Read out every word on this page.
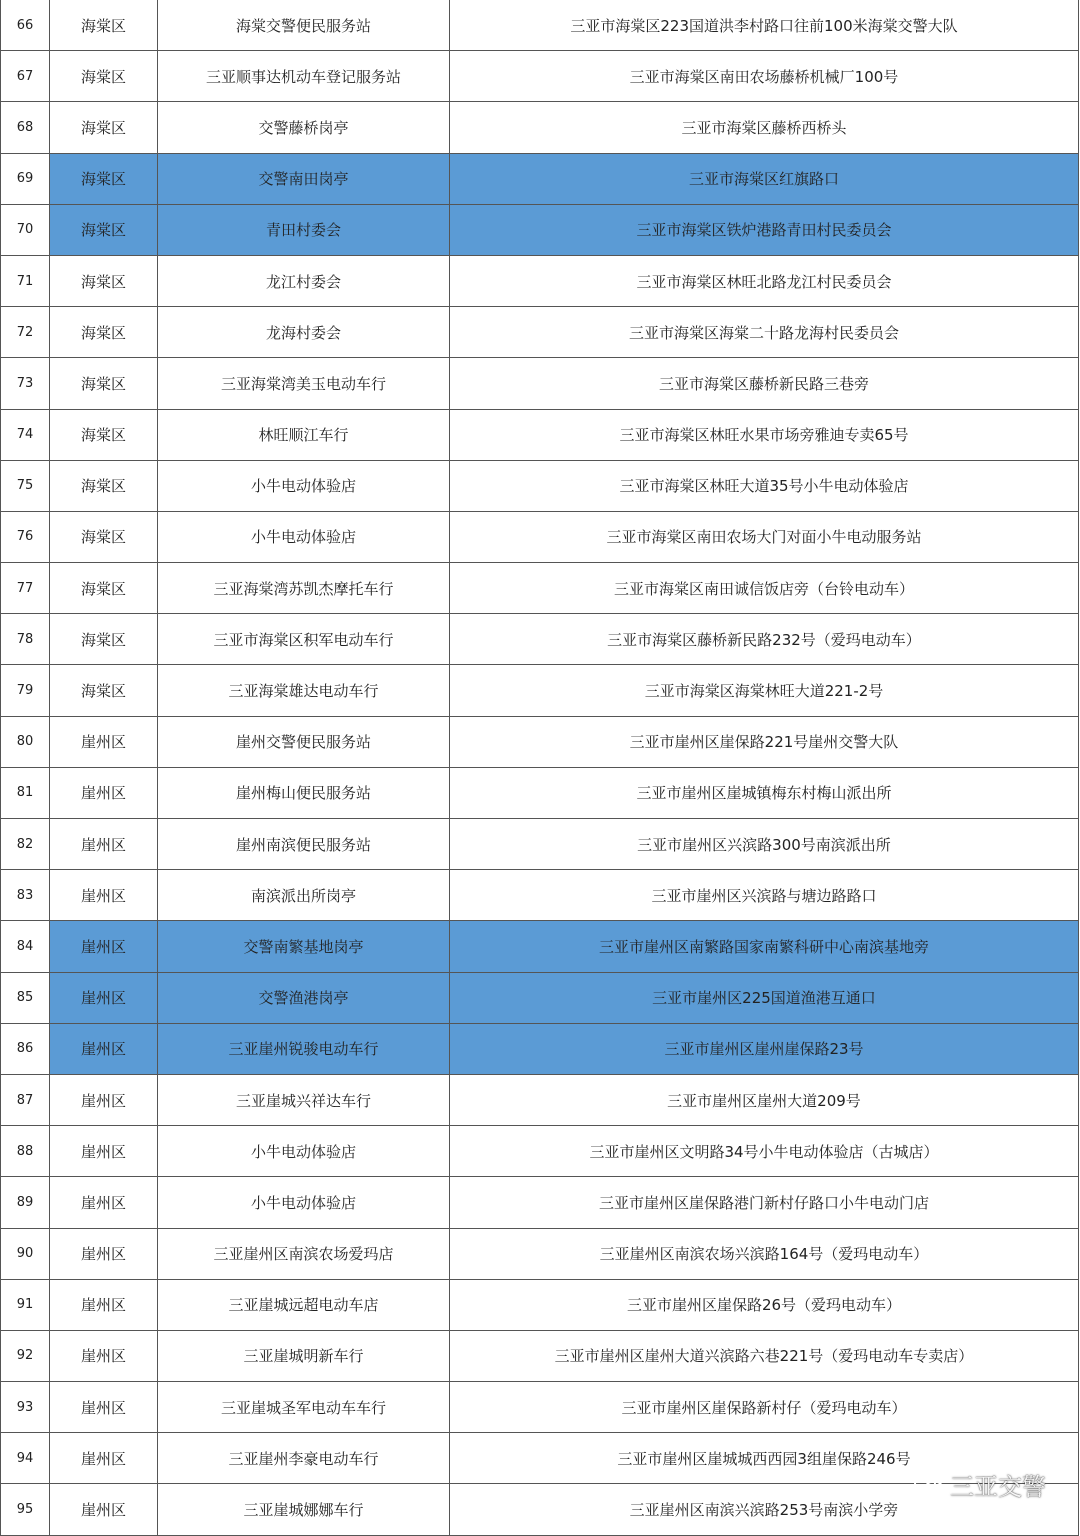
66	海棠区	海棠交警便民服务站	三亚市海棠区223国道洪李村路口往前100米海棠交警大队
67	海棠区	三亚顺事达机动车登记服务站	三亚市海棠区南田农场藤桥机械厂100号
68	海棠区	交警藤桥岗亭	三亚市海棠区藤桥西桥头
69	海棠区	交警南田岗亭	三亚市海棠区红旗路口
70	海棠区	青田村委会	三亚市海棠区铁炉港路青田村民委员会
71	海棠区	龙江村委会	三亚市海棠区林旺北路龙江村民委员会
72	海棠区	龙海村委会	三亚市海棠区海棠二十路龙海村民委员会
73	海棠区	三亚海棠湾美玉电动车行	三亚市海棠区藤桥新民路三巷旁
74	海棠区	林旺顺江车行	三亚市海棠区林旺水果市场旁雅迪专卖65号
75	海棠区	小牛电动体验店	三亚市海棠区林旺大道35号小牛电动体验店
76	海棠区	小牛电动体验店	三亚市海棠区南田农场大门对面小牛电动服务站
77	海棠区	三亚海棠湾苏凯杰摩托车行	三亚市海棠区南田诚信饭店旁（台铃电动车）
78	海棠区	三亚市海棠区积军电动车行	三亚市海棠区藤桥新民路232号（爱玛电动车）
79	海棠区	三亚海棠雄达电动车行	三亚市海棠区海棠林旺大道221-2号
80	崖州区	崖州交警便民服务站	三亚市崖州区崖保路221号崖州交警大队
81	崖州区	崖州梅山便民服务站	三亚市崖州区崖城镇梅东村梅山派出所
82	崖州区	崖州南滨便民服务站	三亚市崖州区兴滨路300号南滨派出所
83	崖州区	南滨派出所岗亭	三亚市崖州区兴滨路与塘边路路口
84	崖州区	交警南繁基地岗亭	三亚市崖州区南繁路国家南繁科研中心南滨基地旁
85	崖州区	交警渔港岗亭	三亚市崖州区225国道渔港互通口
86	崖州区	三亚崖州锐骏电动车行	三亚市崖州区崖州崖保路23号
87	崖州区	三亚崖城兴祥达车行	三亚市崖州区崖州大道209号
88	崖州区	小牛电动体验店	三亚市崖州区文明路34号小牛电动体验店（古城店）
89	崖州区	小牛电动体验店	三亚市崖州区崖保路港门新村仔路口小牛电动门店
90	崖州区	三亚崖州区南滨农场爱玛店	三亚崖州区南滨农场兴滨路164号（爱玛电动车）
91	崖州区	三亚崖城远超电动车店	三亚市崖州区崖保路26号（爱玛电动车）
92	崖州区	三亚崖城明新车行	三亚市崖州区崖州大道兴滨路六巷221号（爱玛电动车专卖店）
93	崖州区	三亚崖城圣军电动车车行	三亚市崖州区崖保路新村仔（爱玛电动车）
94	崖州区	三亚崖州李豪电动车行	三亚市崖州区崖城城西西园3组崖保路246号
95	崖州区	三亚崖城娜娜车行	三亚崖州区南滨兴滨路253号南滨小学旁
三亚交警
